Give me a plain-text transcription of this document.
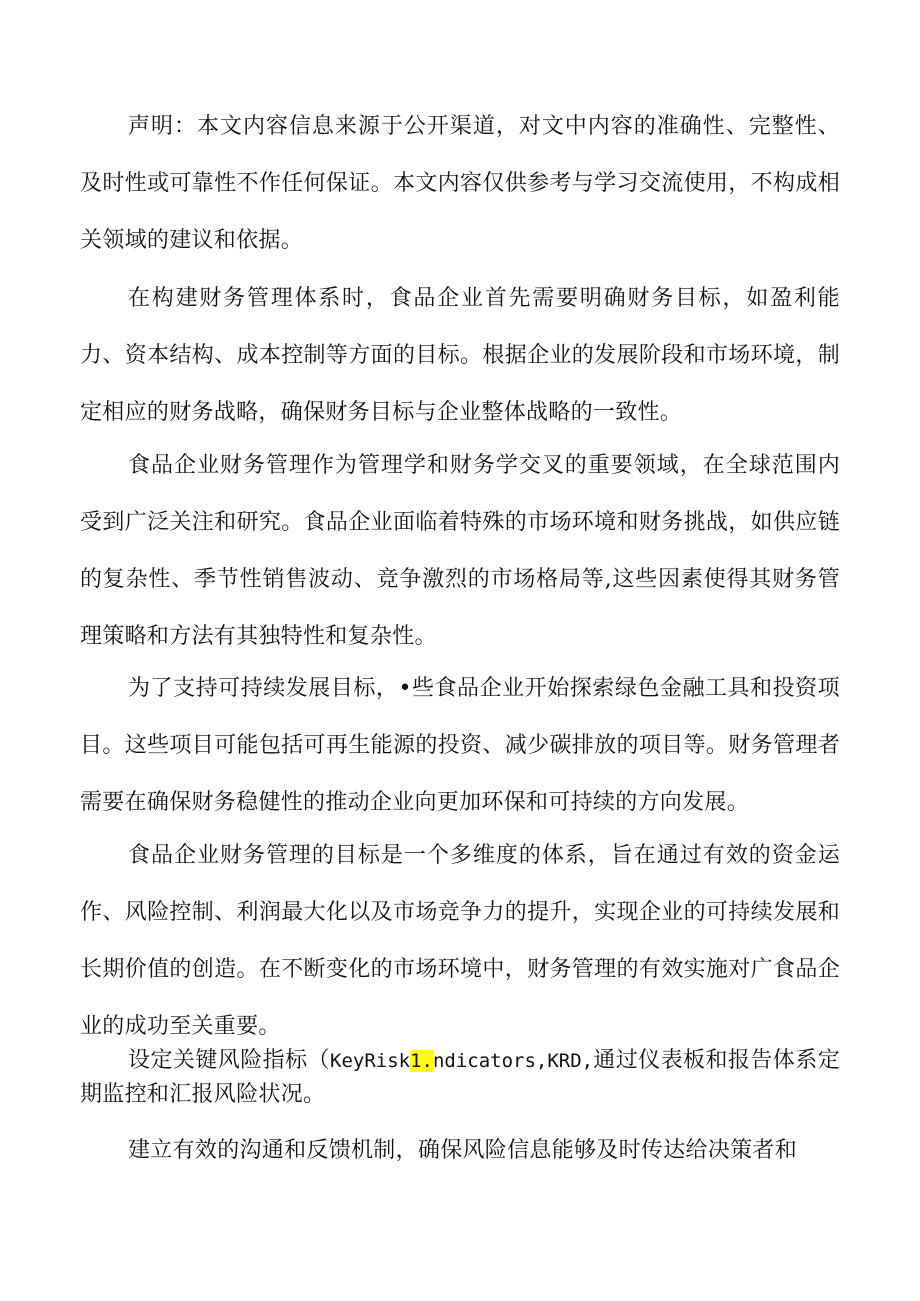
声明：本文内容信息来源于公开渠道，对文中内容的准确性、完整性、及时性或可靠性不作任何保证。本文内容仅供参考与学习交流使用，不构成相关领域的建议和依据。

在构建财务管理体系时，食品企业首先需要明确财务目标，如盈利能力、资本结构、成本控制等方面的目标。根据企业的发展阶段和市场环境，制定相应的财务战略，确保财务目标与企业整体战略的一致性。

食品企业财务管理作为管理学和财务学交叉的重要领域，在全球范围内受到广泛关注和研究。食品企业面临着特殊的市场环境和财务挑战，如供应链的复杂性、季节性销售波动、竞争激烈的市场格局等,这些因素使得其财务管理策略和方法有其独特性和复杂性。

为了支持可持续发展目标，•些食品企业开始探索绿色金融工具和投资项目。这些项目可能包括可再生能源的投资、减少碳排放的项目等。财务管理者需要在确保财务稳健性的推动企业向更加环保和可持续的方向发展。

食品企业财务管理的目标是一个多维度的体系，旨在通过有效的资金运作、风险控制、利润最大化以及市场竞争力的提升，实现企业的可持续发展和长期价值的创造。在不断变化的市场环境中，财务管理的有效实施对广食品企业的成功至关重要。

设定关键风险指标（KeyRisk1.ndicators,KRD,通过仪表板和报告体系定期监控和汇报风险状况。

建立有效的沟通和反馈机制，确保风险信息能够及时传达给决策者和
